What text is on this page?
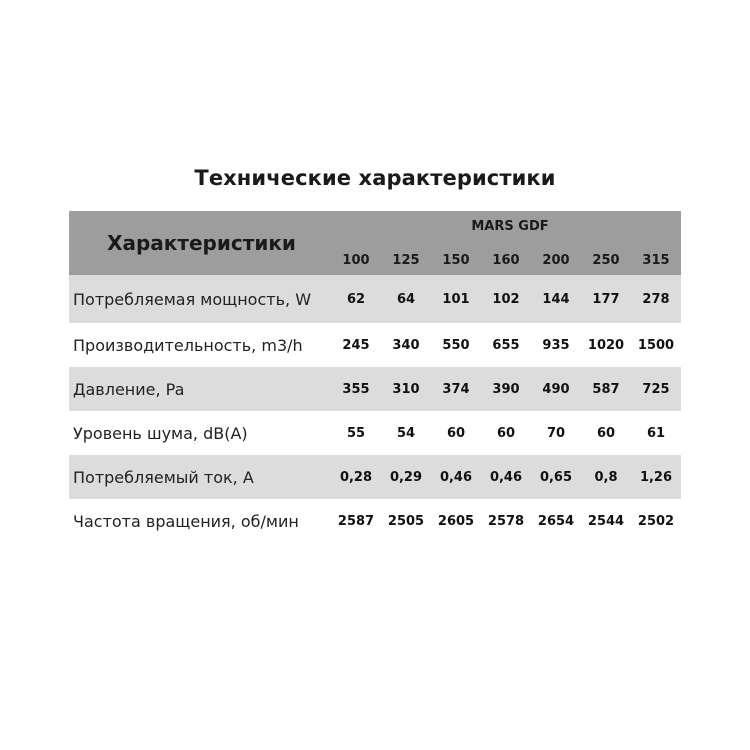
Технические характеристики
Характеристики
MARS GDF
100	125	150	160	200	250	315
Потребляемая мощность, W	62	64	101	102	144	177	278
Производительность, m3/h	245	340	550	655	935	1020	1500
Давление, Pa	355	310	374	390	490	587	725
Уровень шума, dB(A)	55	54	60	60	70	60	61
Потребляемый ток, A	0,28	0,29	0,46	0,46	0,65	0,8	1,26
Частота вращения, об/мин	2587	2505	2605	2578	2654	2544	2502
